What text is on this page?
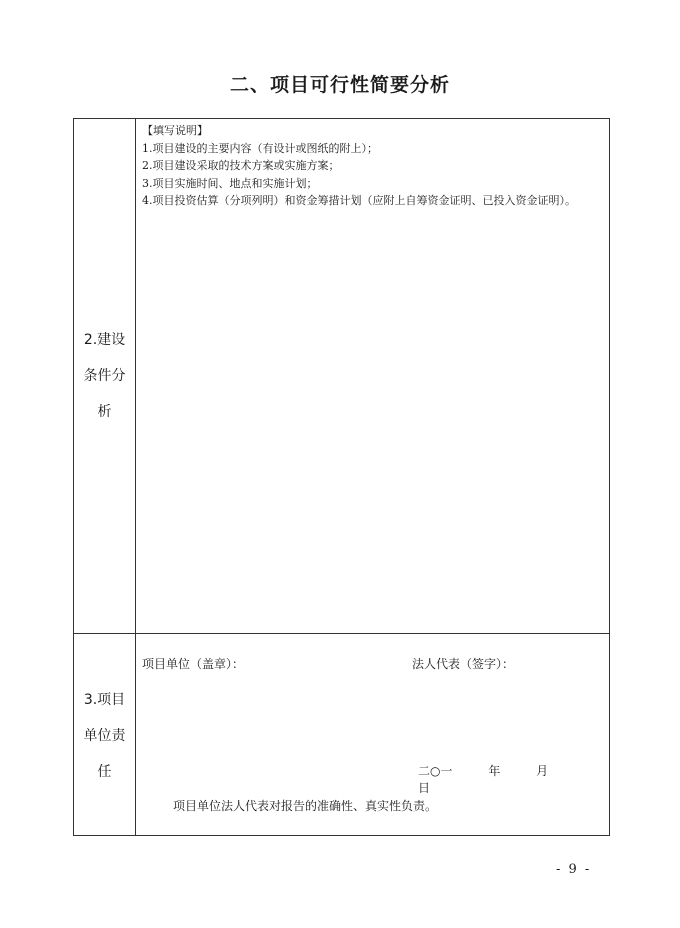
二、项目可行性简要分析
2.建设条件分析
【填写说明】
1.项目建设的主要内容（有设计或图纸的附上）；
2.项目建设采取的技术方案或实施方案；
3.项目实施时间、地点和实施计划；
4.项目投资估算（分项列明）和资金筹措计划（应附上自筹资金证明、已投入资金证明）。
3.项目单位责任
项目单位（盖章）：	法人代表（签字）：
二○一	年	月 日
项目单位法人代表对报告的准确性、真实性负责。
- 9 -
